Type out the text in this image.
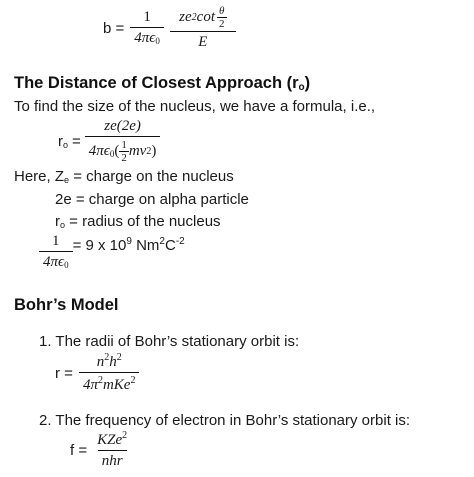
$b = \frac{1}{4\pi\epsilon_0} \frac{ze 2 \cot \frac{\theta}{2}}{E}$
The Distance of Closest Approach $(r_o)$
To find the size of the nucleus, we have a formula, i.e.,
$r_o = \frac{ze(2e)}{4\pi\epsilon_0 ( \frac{1}{2} mv 2 )}$
Here, $Z_e$ = charge on the nucleus
2e = charge on alpha particle
$r_o$ = radius of the nucleus
$\frac{1}{4\pi\epsilon_0} = 9$ x $10^9$ $Nm^2C^{-2}$
Bohr’s Model
1. The radii of Bohr’s stationary orbit is:
$r = \frac{n^2h^2}{4\pi^2mKe^2}$
2. The frequency of electron in Bohr’s stationary orbit is:
$f = \frac{KZe^2}{\text{nhr}}$
